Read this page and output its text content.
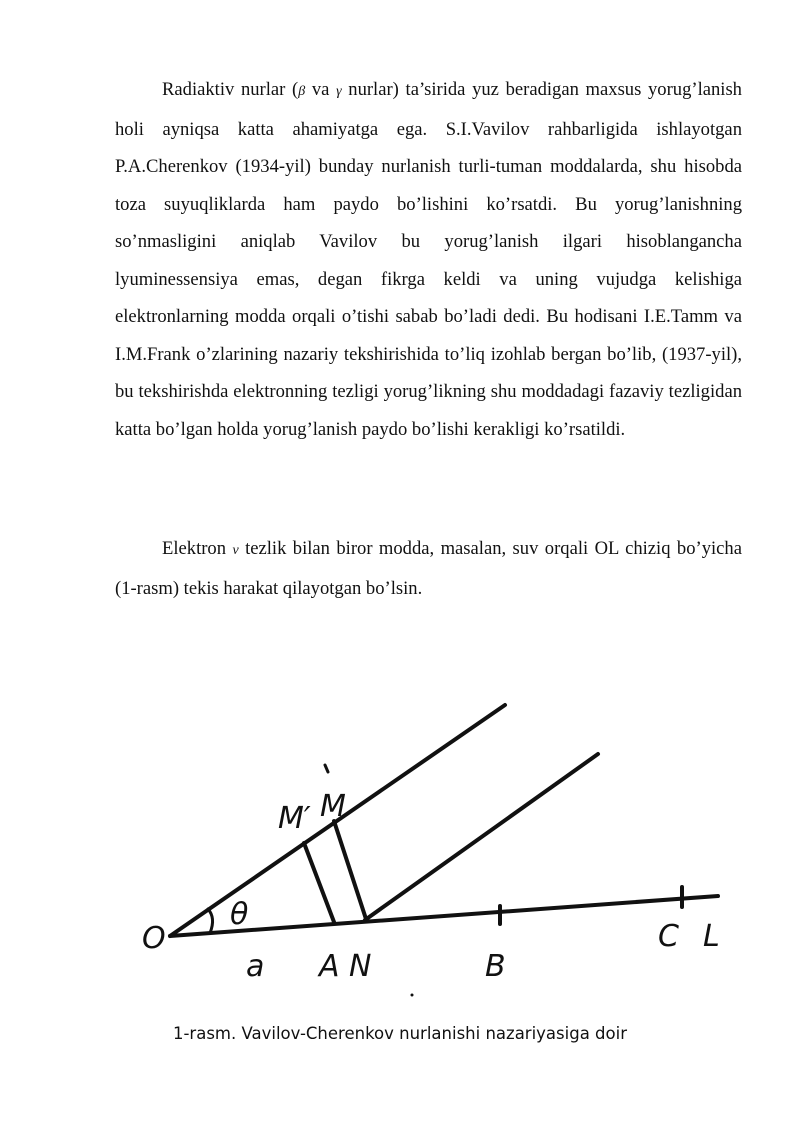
Radiaktiv nurlar (β va γ nurlar) ta’sirida yuz beradigan maxsus yorug’lanish holi ayniqsa katta ahamiyatga ega. S.I.Vavilov rahbarligida ishlayotgan P.A.Cherenkov (1934-yil) bunday nurlanish turli-tuman moddalarda, shu hisobda toza suyuqliklarda ham paydo bo’lishini ko’rsatdi. Bu yorug’lanishning so’nmasligini aniqlab Vavilov bu yorug’lanish ilgari hisoblangancha lyuminessensiya emas, degan fikrga keldi va uning vujudga kelishiga elektronlarning modda orqali o’tishi sabab bo’ladi dedi. Bu hodisani I.E.Tamm va I.M.Frank o’zlarining nazariy tekshirishida to’liq izohlab bergan bo’lib, (1937-yil), bu tekshirishda elektronning tezligi yorug’likning shu moddadagi fazaviy tezligidan katta bo’lgan holda yorug’lanish paydo bo’lishi kerakligi ko’rsatildi.

Elektron v tezlik bilan biror modda, masalan, suv orqali OL chiziq bo’yicha (1-rasm) tekis harakat qilayotgan bo’lsin.

O
θ
a A N	B
C L
M′ M
1-rasm. Vavilov-Cherenkov nurlanishi nazariyasiga doir
